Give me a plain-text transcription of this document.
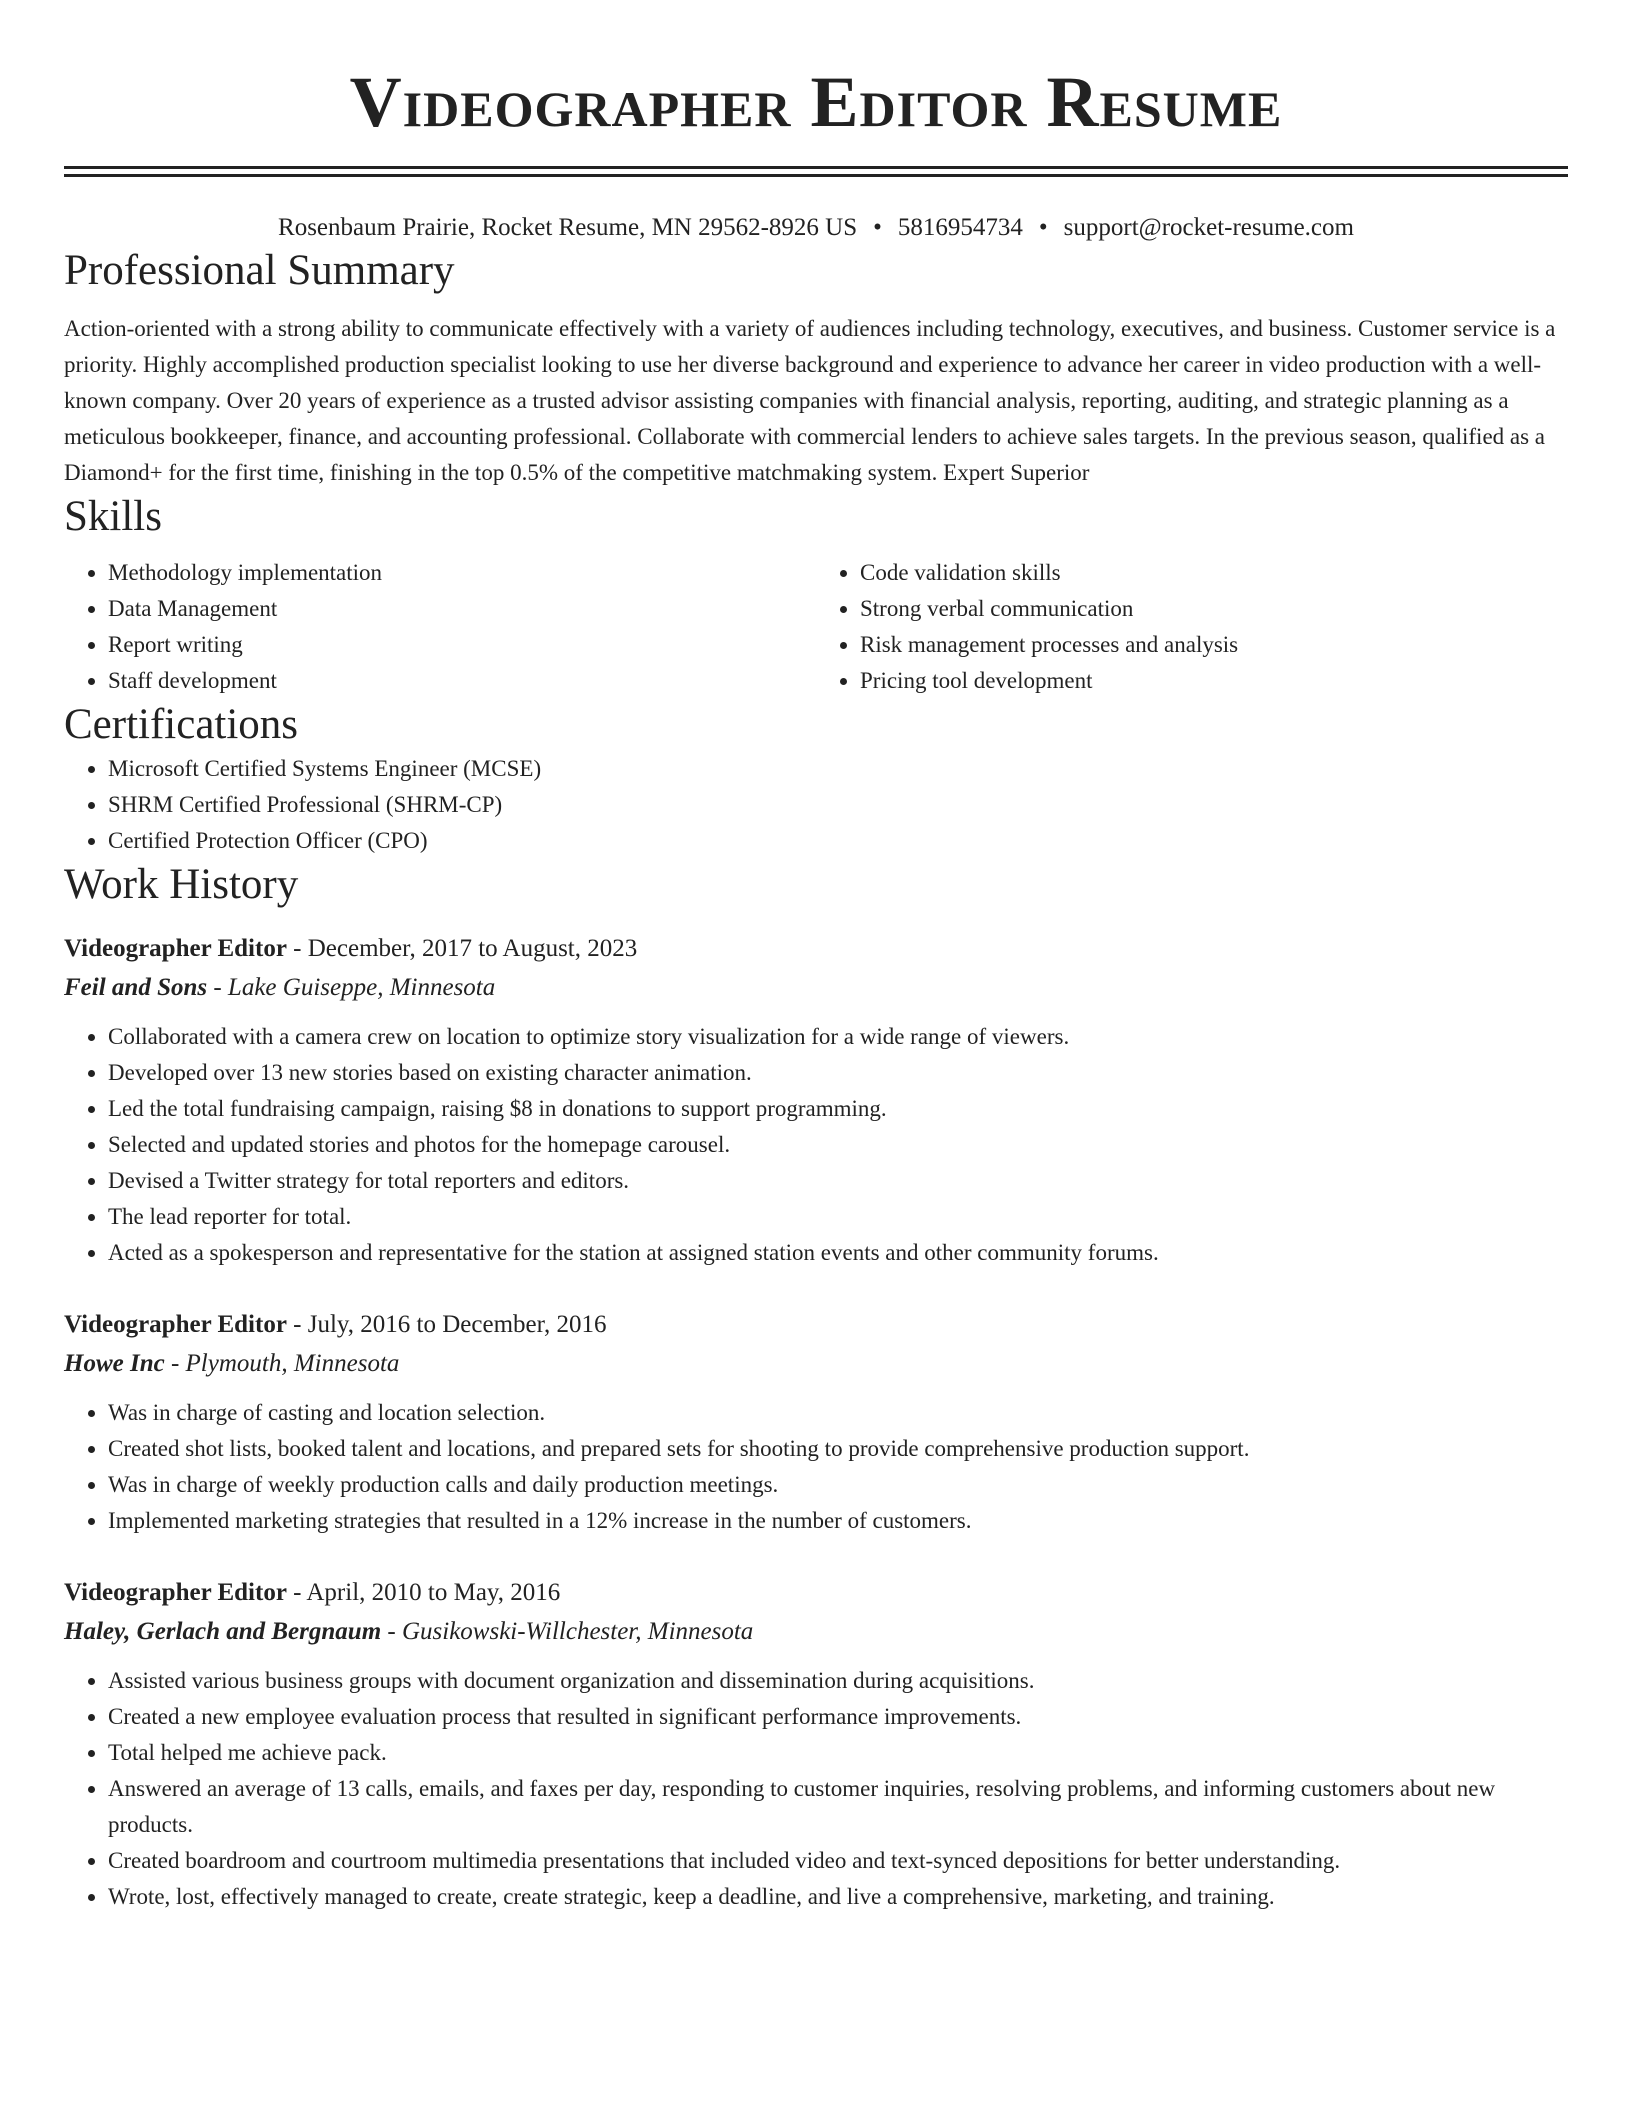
Videographer Editor Resume
Rosenbaum Prairie, Rocket Resume, MN 29562-8926 US • 5816954734 • support@rocket-resume.com
Professional Summary

Action-oriented with a strong ability to communicate effectively with a variety of audiences including technology, executives, and business. Customer service is a priority. Highly accomplished production specialist looking to use her diverse background and experience to advance her career in video production with a well-known company. Over 20 years of experience as a trusted advisor assisting companies with financial analysis, reporting, auditing, and strategic planning as a meticulous bookkeeper, finance, and accounting professional. Collaborate with commercial lenders to achieve sales targets. In the previous season, qualified as a Diamond+ for the first time, finishing in the top 0.5% of the competitive matchmaking system. Expert Superior

Skills
• Methodology implementation
• Data Management
• Report writing
• Staff development
• Code validation skills
• Strong verbal communication
• Risk management processes and analysis
• Pricing tool development
Certifications
• Microsoft Certified Systems Engineer (MCSE)
• SHRM Certified Professional (SHRM-CP)
• Certified Protection Officer (CPO)
Work History
Videographer Editor - December, 2017 to August, 2023
Feil and Sons - Lake Guiseppe, Minnesota
• Collaborated with a camera crew on location to optimize story visualization for a wide range of viewers.
• Developed over 13 new stories based on existing character animation.
• Led the total fundraising campaign, raising $8 in donations to support programming.
• Selected and updated stories and photos for the homepage carousel.
• Devised a Twitter strategy for total reporters and editors.
• The lead reporter for total.
• Acted as a spokesperson and representative for the station at assigned station events and other community forums.
Videographer Editor - July, 2016 to December, 2016
Howe Inc - Plymouth, Minnesota
• Was in charge of casting and location selection.
• Created shot lists, booked talent and locations, and prepared sets for shooting to provide comprehensive production support.
• Was in charge of weekly production calls and daily production meetings.
• Implemented marketing strategies that resulted in a 12% increase in the number of customers.
Videographer Editor - April, 2010 to May, 2016
Haley, Gerlach and Bergnaum - Gusikowski-Willchester, Minnesota
• Assisted various business groups with document organization and dissemination during acquisitions.
• Created a new employee evaluation process that resulted in significant performance improvements.
• Total helped me achieve pack.
• Answered an average of 13 calls, emails, and faxes per day, responding to customer inquiries, resolving problems, and informing customers about new products.
• Created boardroom and courtroom multimedia presentations that included video and text-synced depositions for better understanding.
• Wrote, lost, effectively managed to create, create strategic, keep a deadline, and live a comprehensive, marketing, and training.
